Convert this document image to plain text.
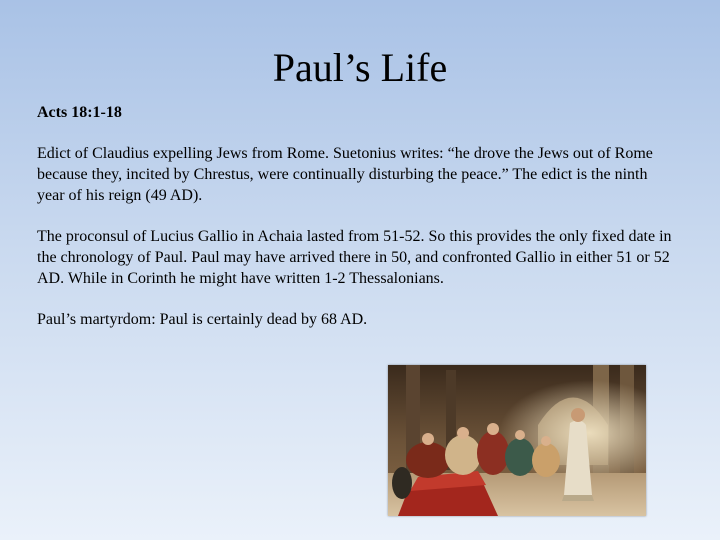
Paul’s Life

Acts 18:1-18

Edict of Claudius expelling Jews from Rome. Suetonius writes: “he drove the Jews out of Rome because they, incited by Chrestus, were continually disturbing the peace.” The edict is the ninth year of his reign (49 AD).

The proconsul of Lucius Gallio in Achaia lasted from 51-52. So this provides the only fixed date in the chronology of Paul. Paul may have arrived there in 50, and confronted Gallio in either 51 or 52 AD. While in Corinth he might have written 1-2 Thessalonians.

Paul’s martyrdom: Paul is certainly dead by 68 AD.
